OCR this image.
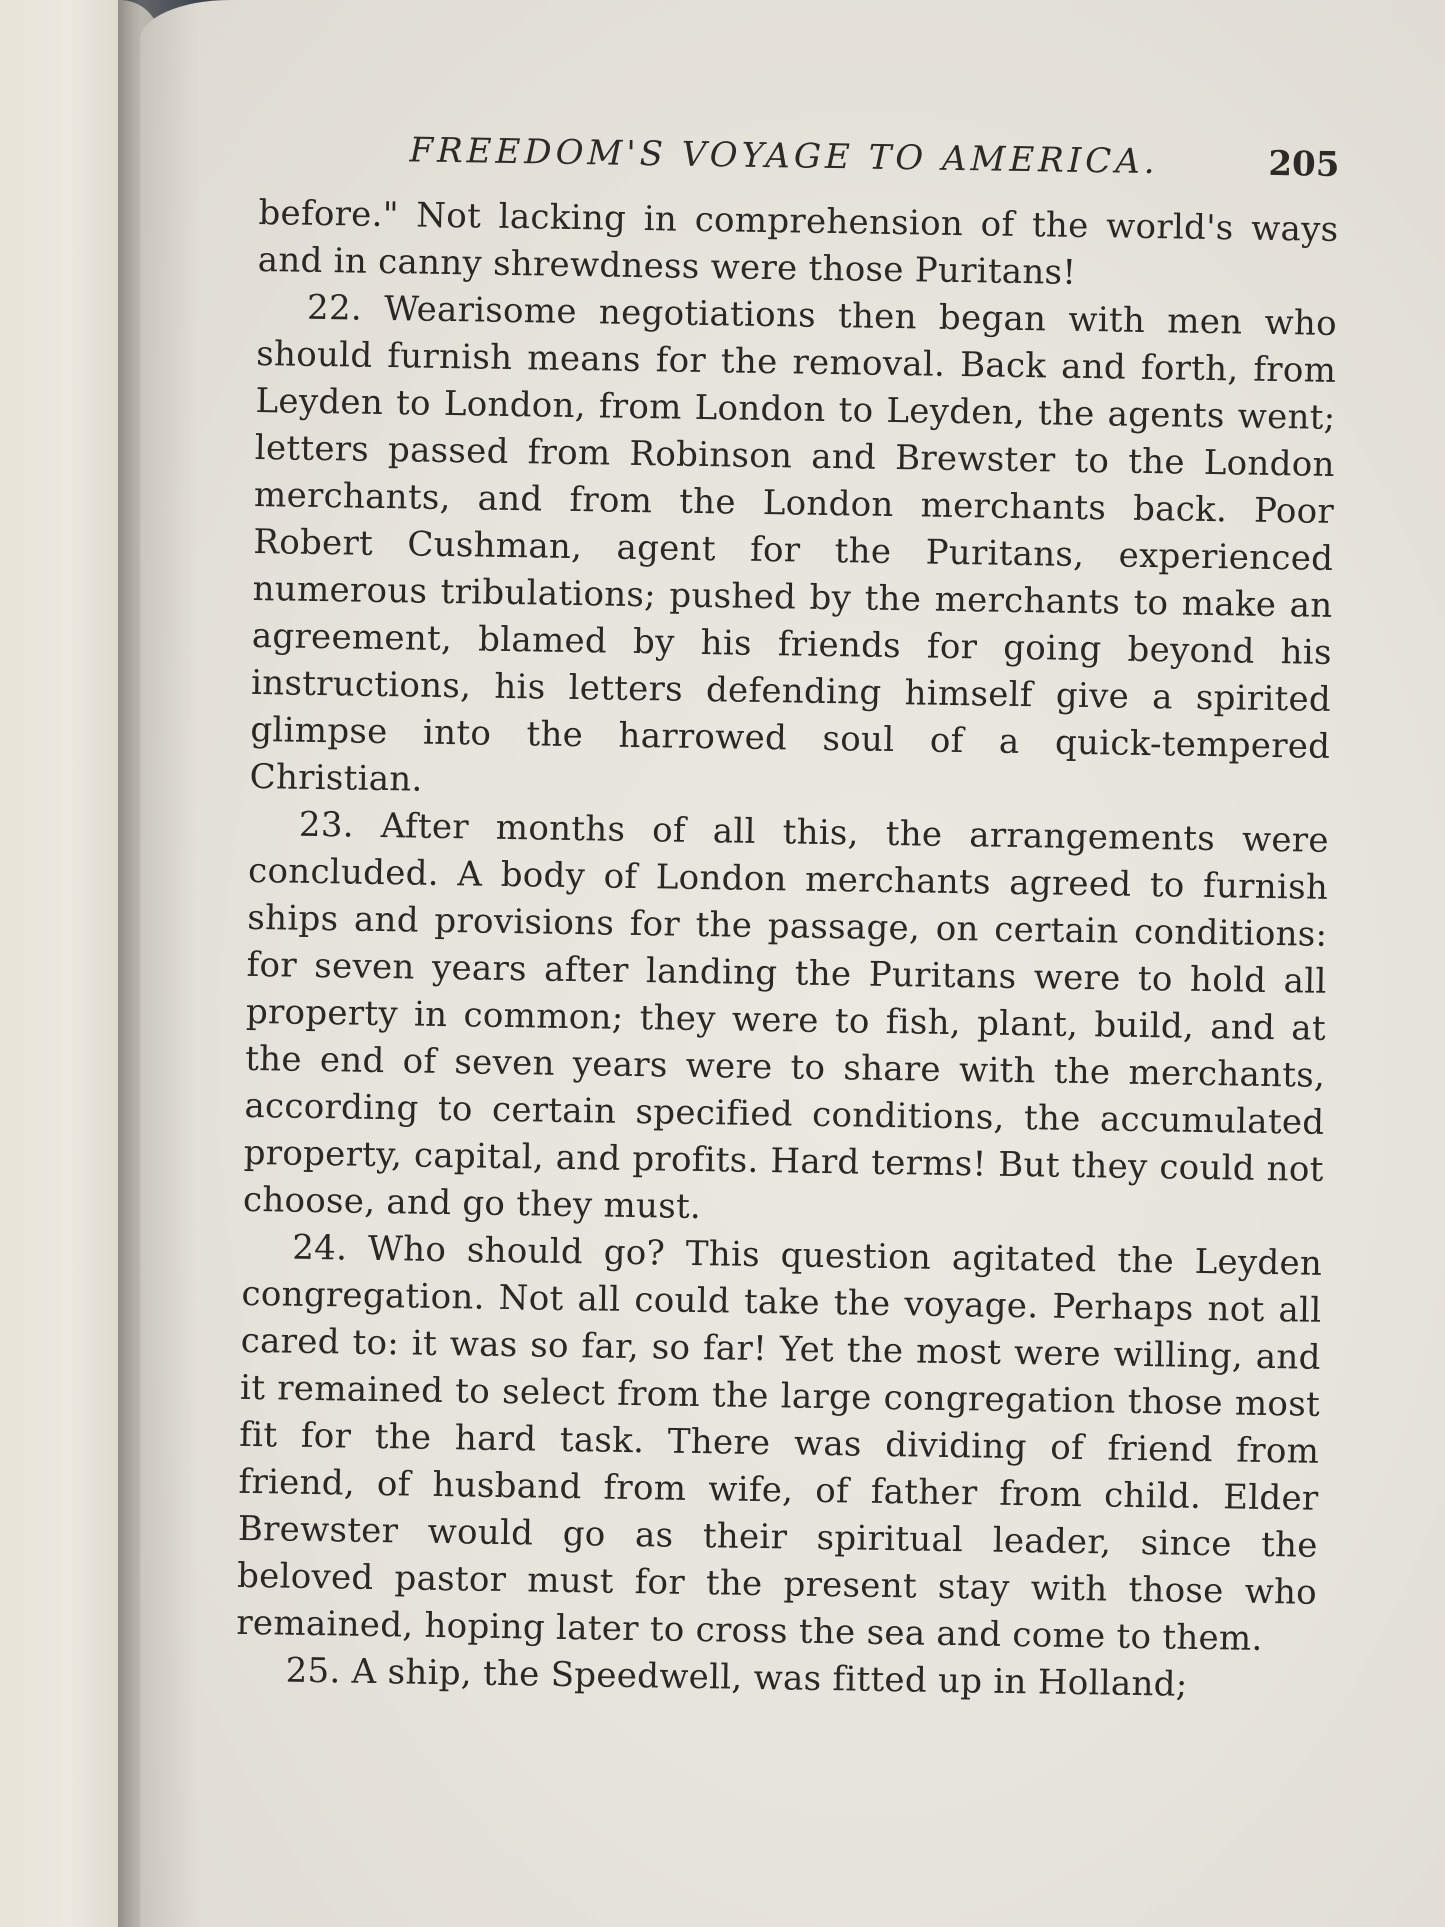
FREEDOM'S VOYAGE TO AMERICA.	205

before." Not lacking in comprehension of the world's ways and in canny shrewdness were those Puritans!

22. Wearisome negotiations then began with men who should furnish means for the removal. Back and forth, from Leyden to London, from London to Leyden, the agents went; letters passed from Robinson and Brewster to the London merchants, and from the London merchants back. Poor Robert Cushman, agent for the Puritans, experienced numerous tribulations; pushed by the merchants to make an agreement, blamed by his friends for going beyond his instructions, his letters defending himself give a spirited glimpse into the harrowed soul of a quick-tempered Christian.

23. After months of all this, the arrangements were concluded. A body of London merchants agreed to furnish ships and provisions for the passage, on certain conditions: for seven years after landing the Puritans were to hold all property in common; they were to fish, plant, build, and at the end of seven years were to share with the merchants, according to certain specified conditions, the accumulated property, capital, and profits. Hard terms! But they could not choose, and go they must.

24. Who should go? This question agitated the Leyden congregation. Not all could take the voyage. Perhaps not all cared to: it was so far, so far! Yet the most were willing, and it remained to select from the large congregation those most fit for the hard task. There was dividing of friend from friend, of husband from wife, of father from child. Elder Brewster would go as their spiritual leader, since the beloved pastor must for the present stay with those who remained, hoping later to cross the sea and come to them.

25. A ship, the Speedwell, was fitted up in Holland;
